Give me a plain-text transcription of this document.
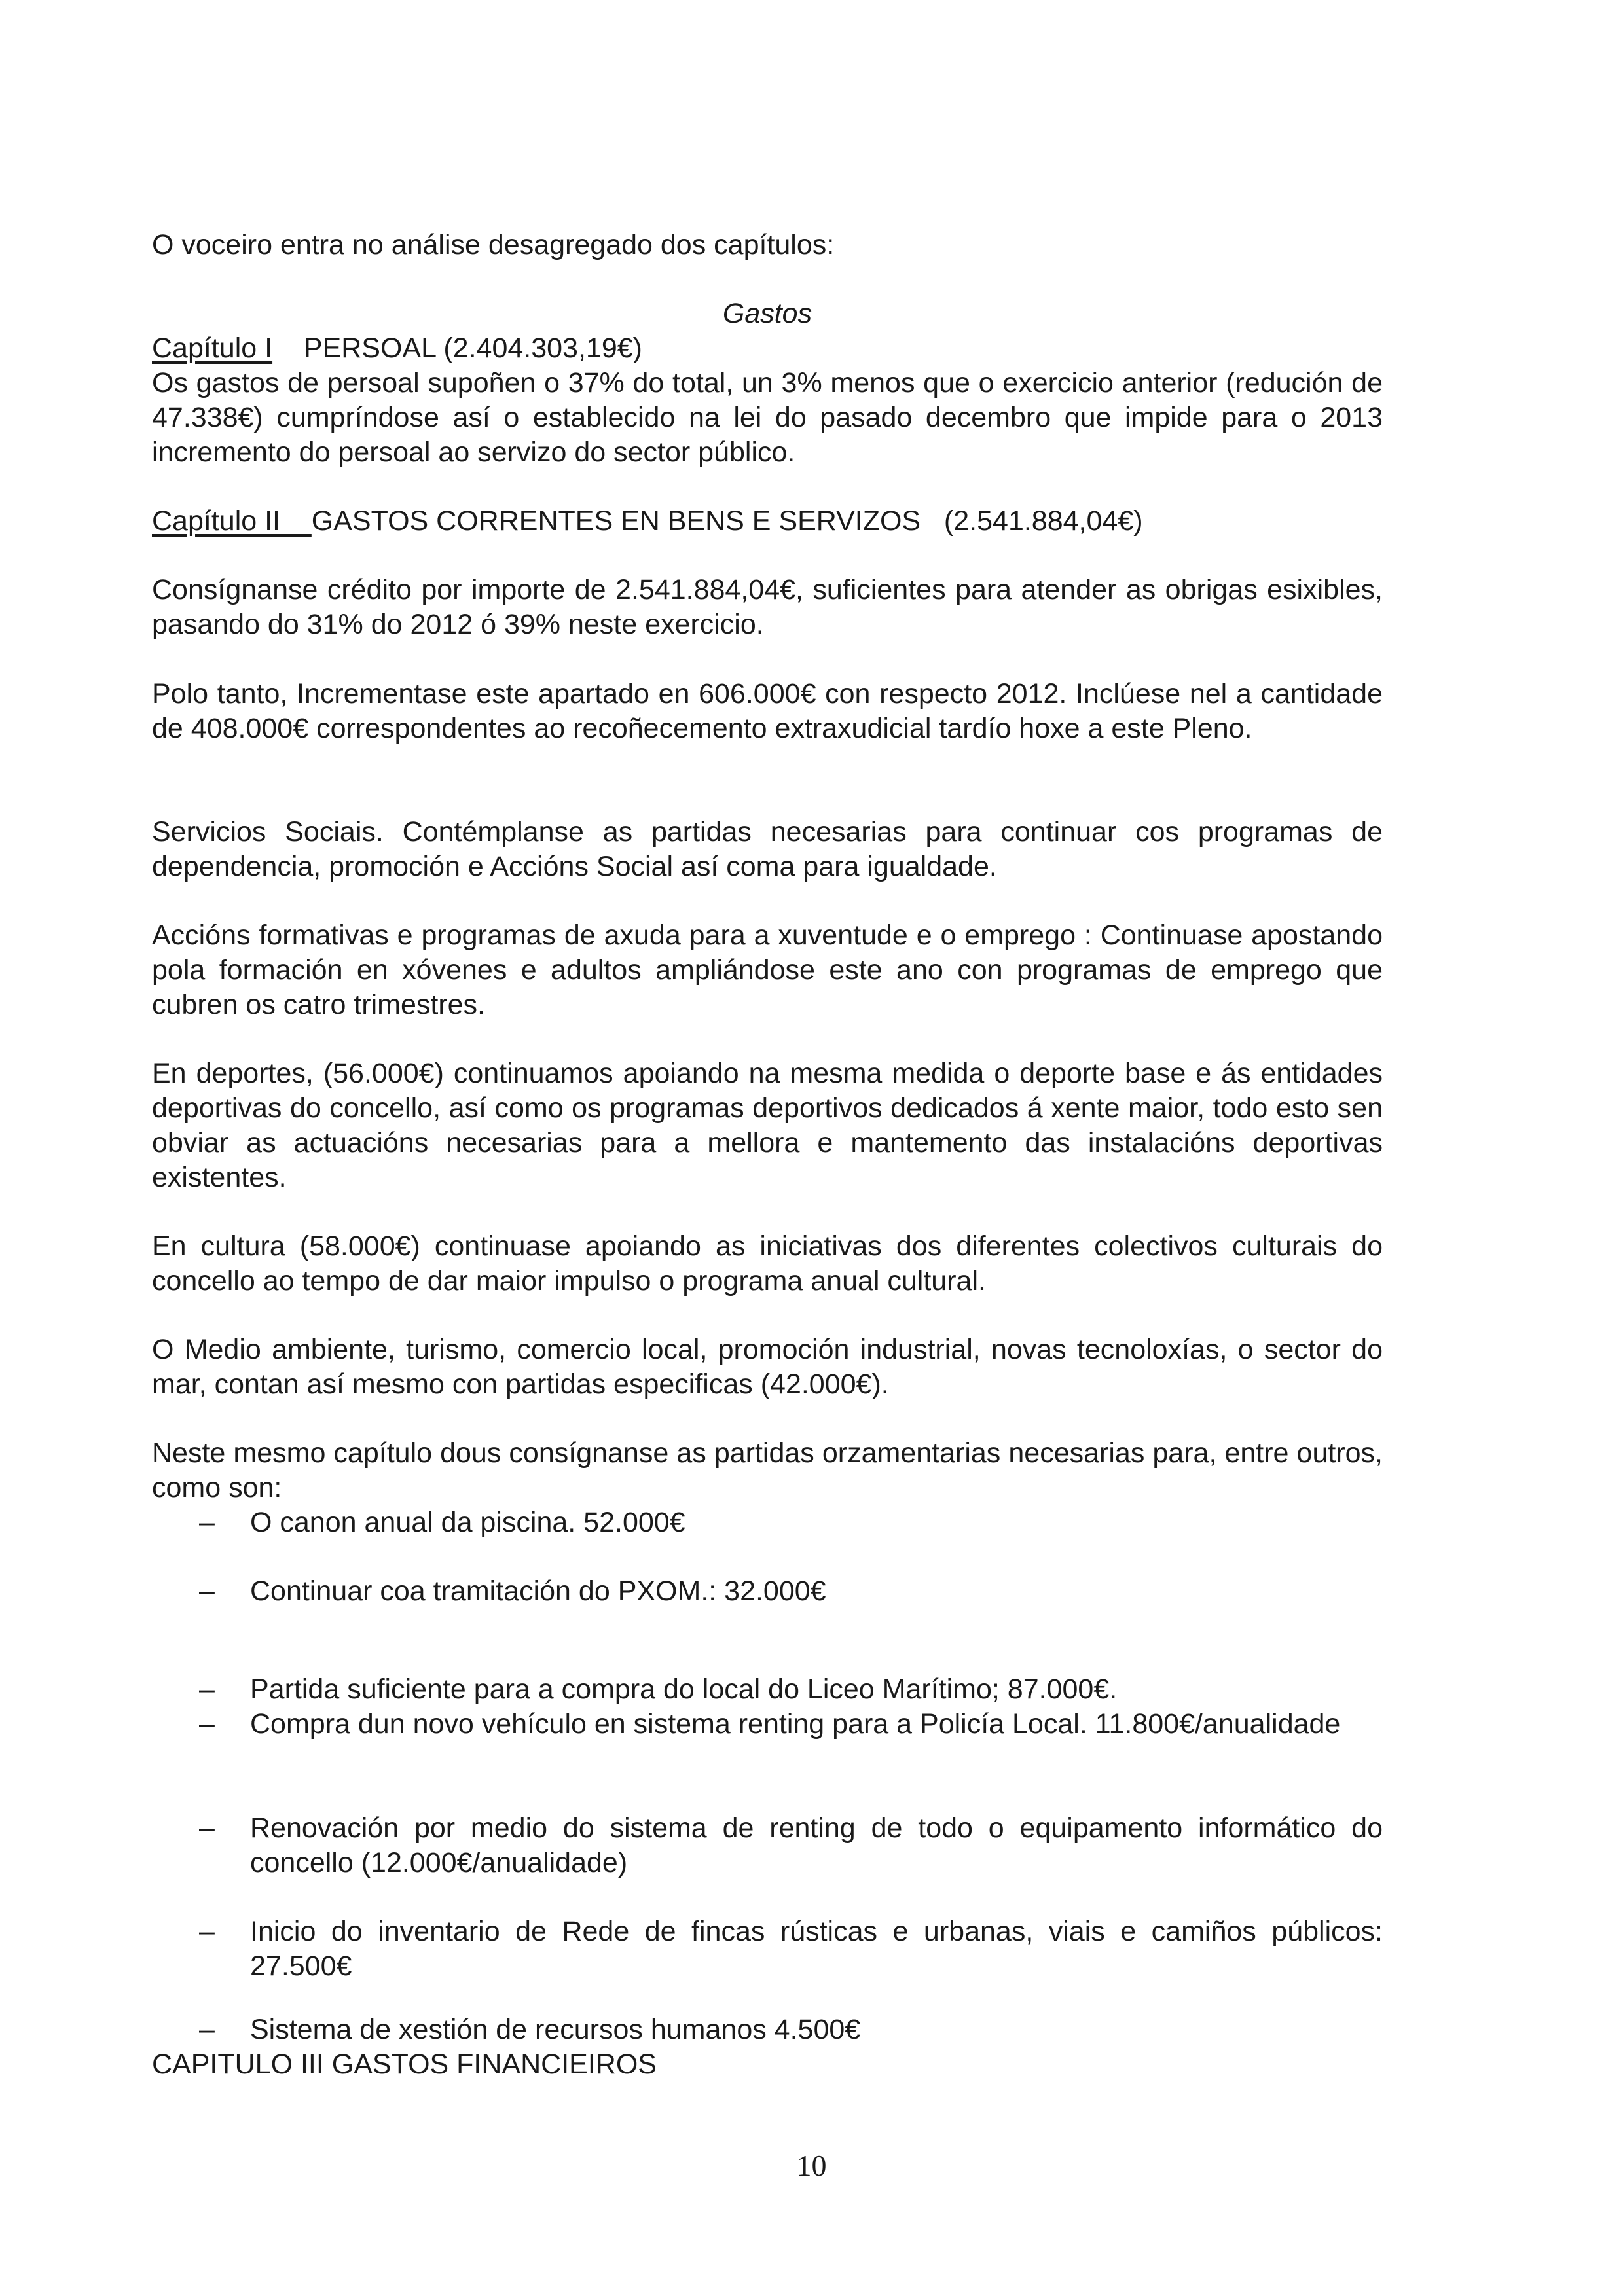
O voceiro entra no análise desagregado dos capítulos:
Gastos
Capítulo I PERSOAL (2.404.303,19€)
Os gastos de persoal supoñen o 37% do total, un 3% menos que o exercicio anterior (redución de 47.338€) cumpríndose así o establecido na lei do pasado decembro que impide para o 2013 incremento do persoal ao servizo do sector público.
Capítulo II GASTOS CORRENTES EN BENS E SERVIZOS   (2.541.884,04€)
Consígnanse crédito por importe de 2.541.884,04€, suficientes para atender as obrigas esixibles, pasando do 31% do 2012 ó 39% neste exercicio.
Polo tanto, Incrementase este apartado en 606.000€ con respecto 2012. Inclúese nel a cantidade de 408.000€ correspondentes ao recoñecemento extraxudicial tardío hoxe a este Pleno.
Servicios Sociais. Contémplanse as partidas necesarias para continuar cos programas de dependencia, promoción e Accións Social así coma para igualdade.
Accións formativas e programas de axuda para a xuventude e o emprego : Continuase apostando pola formación en xóvenes e adultos ampliándose este ano con programas de emprego que cubren os catro trimestres.
En deportes, (56.000€) continuamos apoiando na mesma medida o deporte base e ás entidades deportivas do concello, así como os programas deportivos dedicados á xente maior, todo esto sen obviar as actuacións necesarias para a mellora e mantemento das instalacións deportivas existentes.
En cultura (58.000€) continuase apoiando as iniciativas dos diferentes colectivos culturais do concello ao tempo de dar maior impulso o programa anual cultural.
O Medio ambiente, turismo, comercio local, promoción industrial, novas tecnoloxías, o sector do mar, contan así mesmo con partidas especificas (42.000€).
Neste mesmo capítulo dous consígnanse as partidas orzamentarias necesarias para, entre outros, como son:
–	O canon anual da piscina. 52.000€
–	Continuar coa tramitación do PXOM.: 32.000€
–	Partida suficiente para a compra do local do Liceo Marítimo; 87.000€.
–	Compra dun novo vehículo en sistema renting para a Policía Local. 11.800€/anualidade
–	Renovación por medio do sistema de renting de todo o equipamento informático do concello (12.000€/anualidade)
–	Inicio do inventario de Rede de fincas rústicas e urbanas, viais e camiños públicos: 27.500€
–	Sistema de xestión de recursos humanos 4.500€
CAPITULO III GASTOS FINANCIEIROS
10
